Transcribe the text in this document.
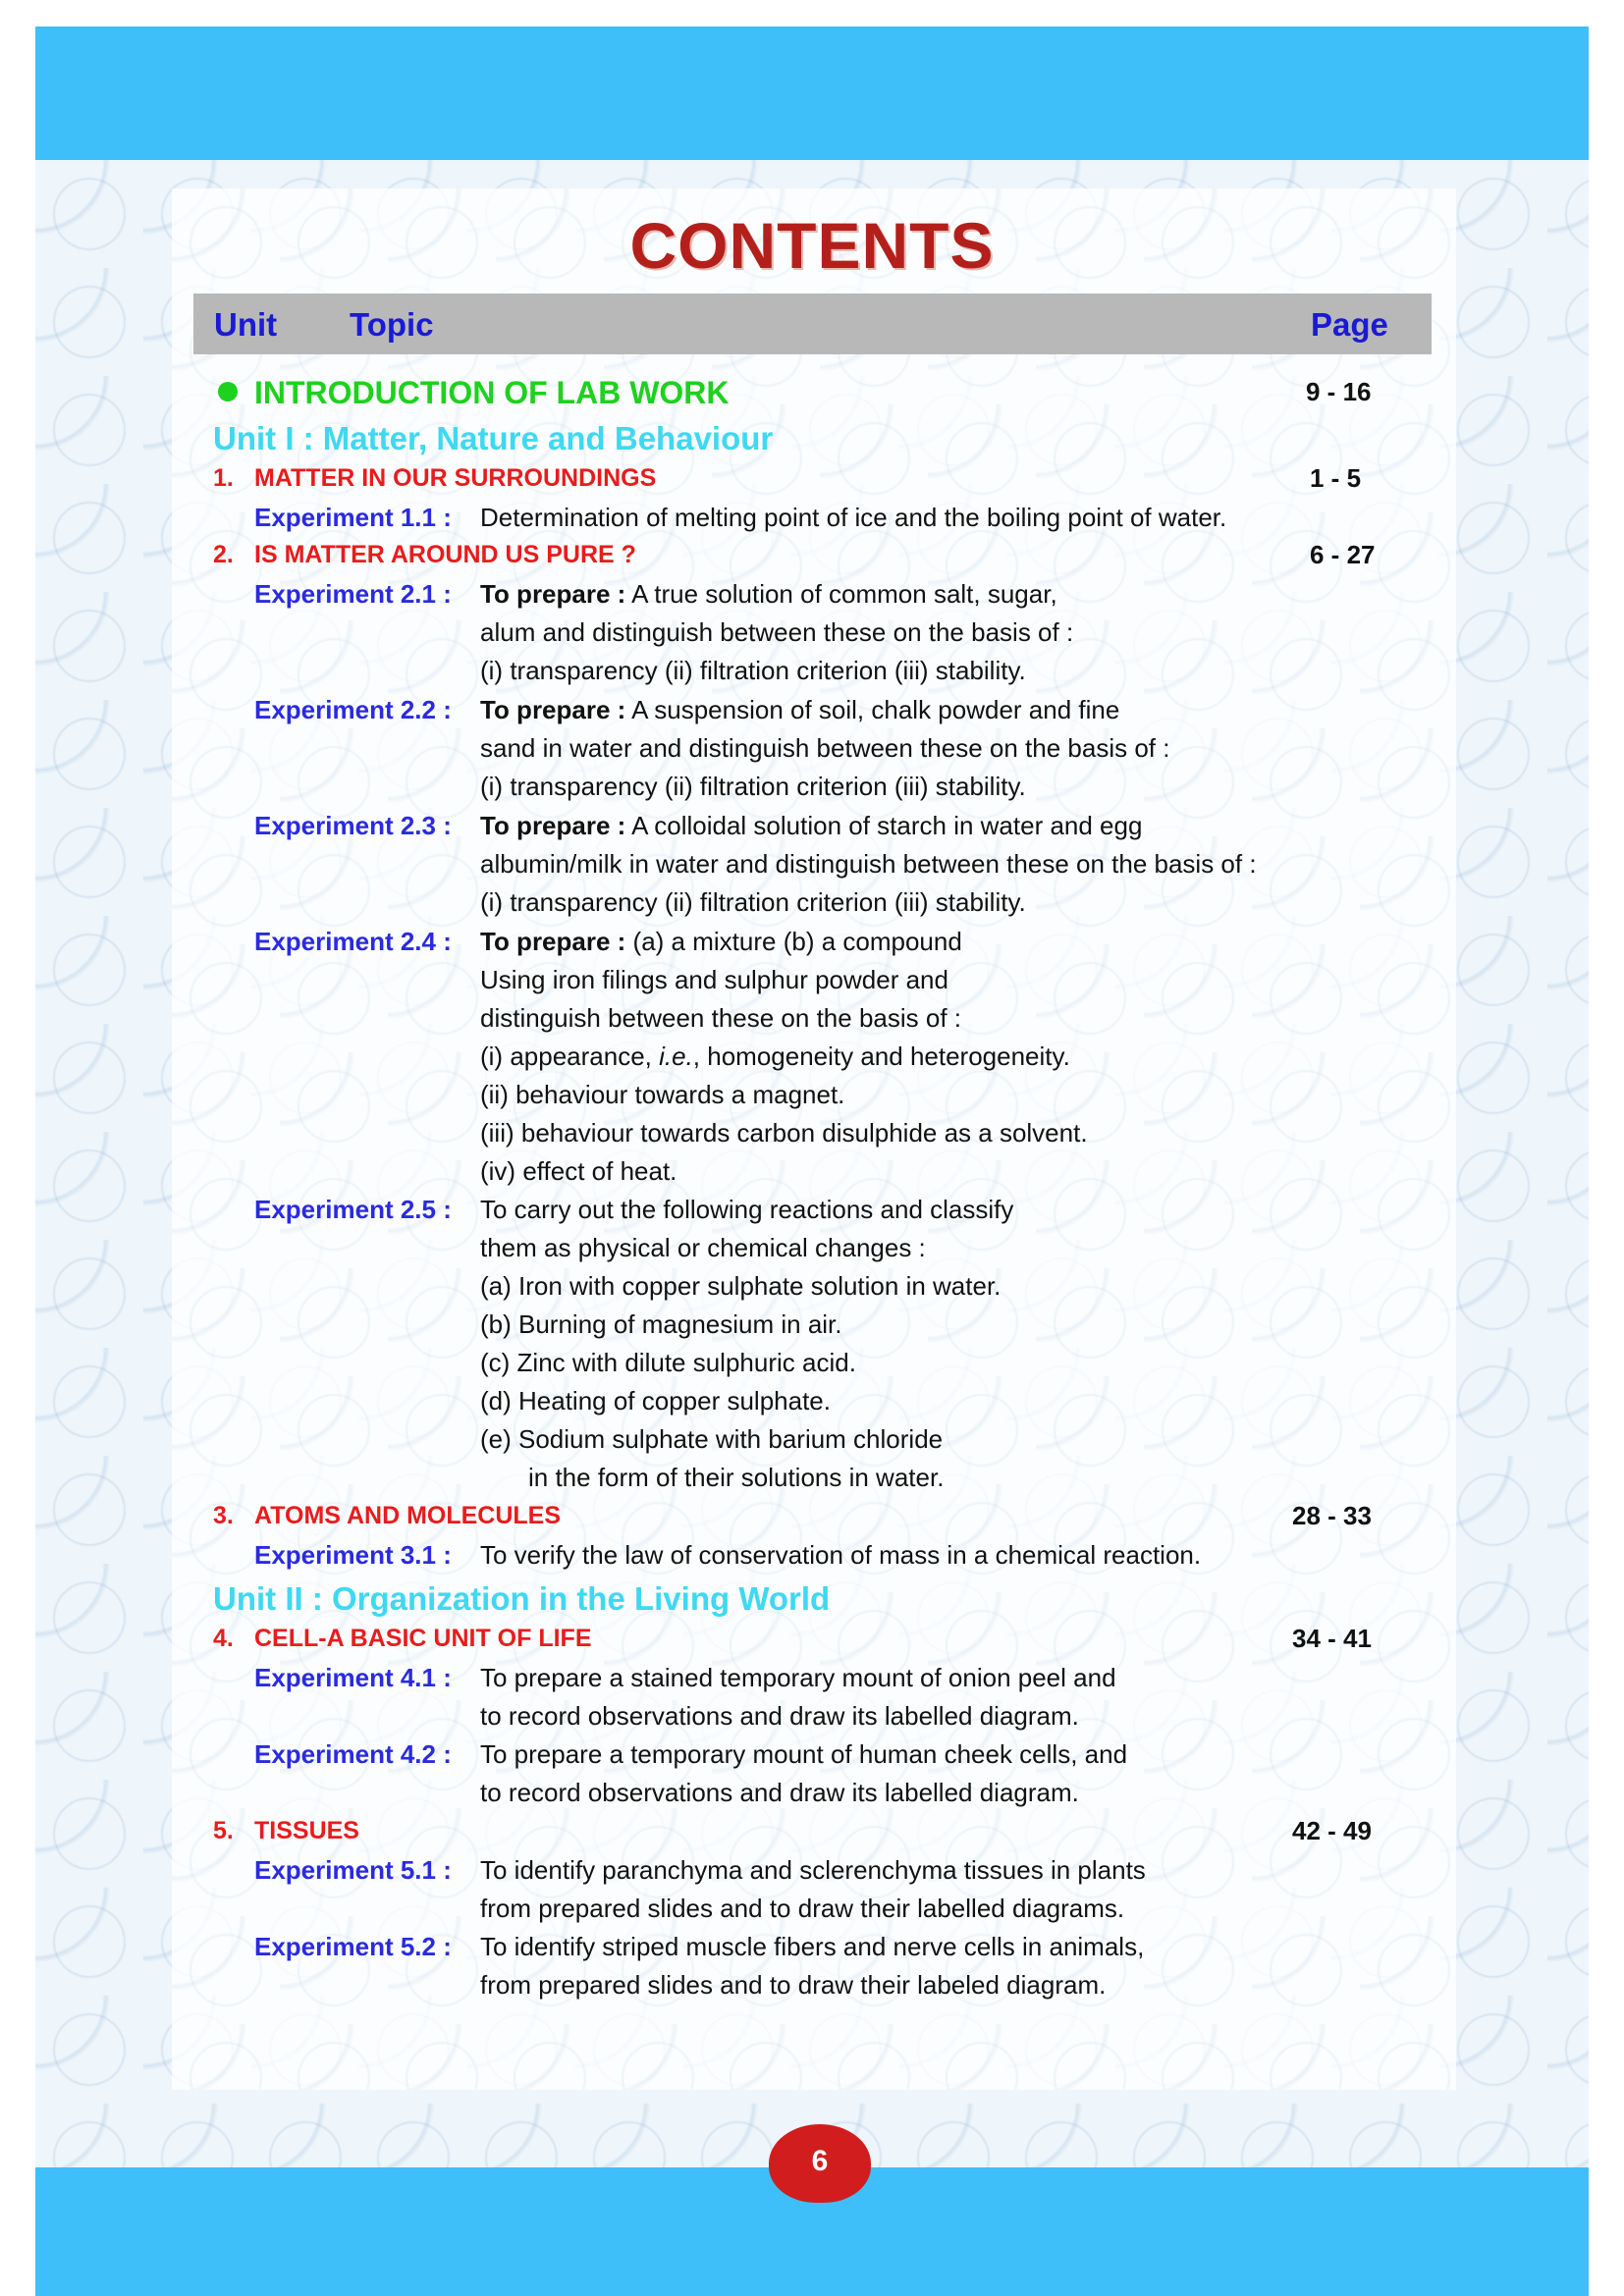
CONTENTS
Unit Topic	Page
INTRODUCTION OF LAB WORK	9 - 16
Unit I : Matter, Nature and Behaviour
1. MATTER IN OUR SURROUNDINGS	1 - 5
Experiment 1.1 : Determination of melting point of ice and the boiling point of water.
2. IS MATTER AROUND US PURE ?	6 - 27
Experiment 2.1 : To prepare : A true solution of common salt, sugar,
alum and distinguish between these on the basis of :
(i) transparency (ii) filtration criterion (iii) stability.
Experiment 2.2 : To prepare : A suspension of soil, chalk powder and fine
sand in water and distinguish between these on the basis of :
(i) transparency (ii) filtration criterion (iii) stability.
Experiment 2.3 : To prepare : A colloidal solution of starch in water and egg
albumin/milk in water and distinguish between these on the basis of :
(i) transparency (ii) filtration criterion (iii) stability.
Experiment 2.4 : To prepare : (a) a mixture (b) a compound
Using iron filings and sulphur powder and
distinguish between these on the basis of :
(i) appearance, i.e., homogeneity and heterogeneity.
(ii) behaviour towards a magnet.
(iii) behaviour towards carbon disulphide as a solvent.
(iv) effect of heat.
Experiment 2.5 : To carry out the following reactions and classify
them as physical or chemical changes :
(a) Iron with copper sulphate solution in water.
(b) Burning of magnesium in air.
(c) Zinc with dilute sulphuric acid.
(d) Heating of copper sulphate.
(e) Sodium sulphate with barium chloride
in the form of their solutions in water.
3. ATOMS AND MOLECULES	28 - 33
Experiment 3.1 : To verify the law of conservation of mass in a chemical reaction.
Unit II : Organization in the Living World
4. CELL-A BASIC UNIT OF LIFE	34 - 41
Experiment 4.1 : To prepare a stained temporary mount of onion peel and
to record observations and draw its labelled diagram.
Experiment 4.2 : To prepare a temporary mount of human cheek cells, and
to record observations and draw its labelled diagram.
5. TISSUES	42 - 49
Experiment 5.1 : To identify paranchyma and sclerenchyma tissues in plants
from prepared slides and to draw their labelled diagrams.
Experiment 5.2 : To identify striped muscle fibers and nerve cells in animals,
from prepared slides and to draw their labeled diagram.
6
